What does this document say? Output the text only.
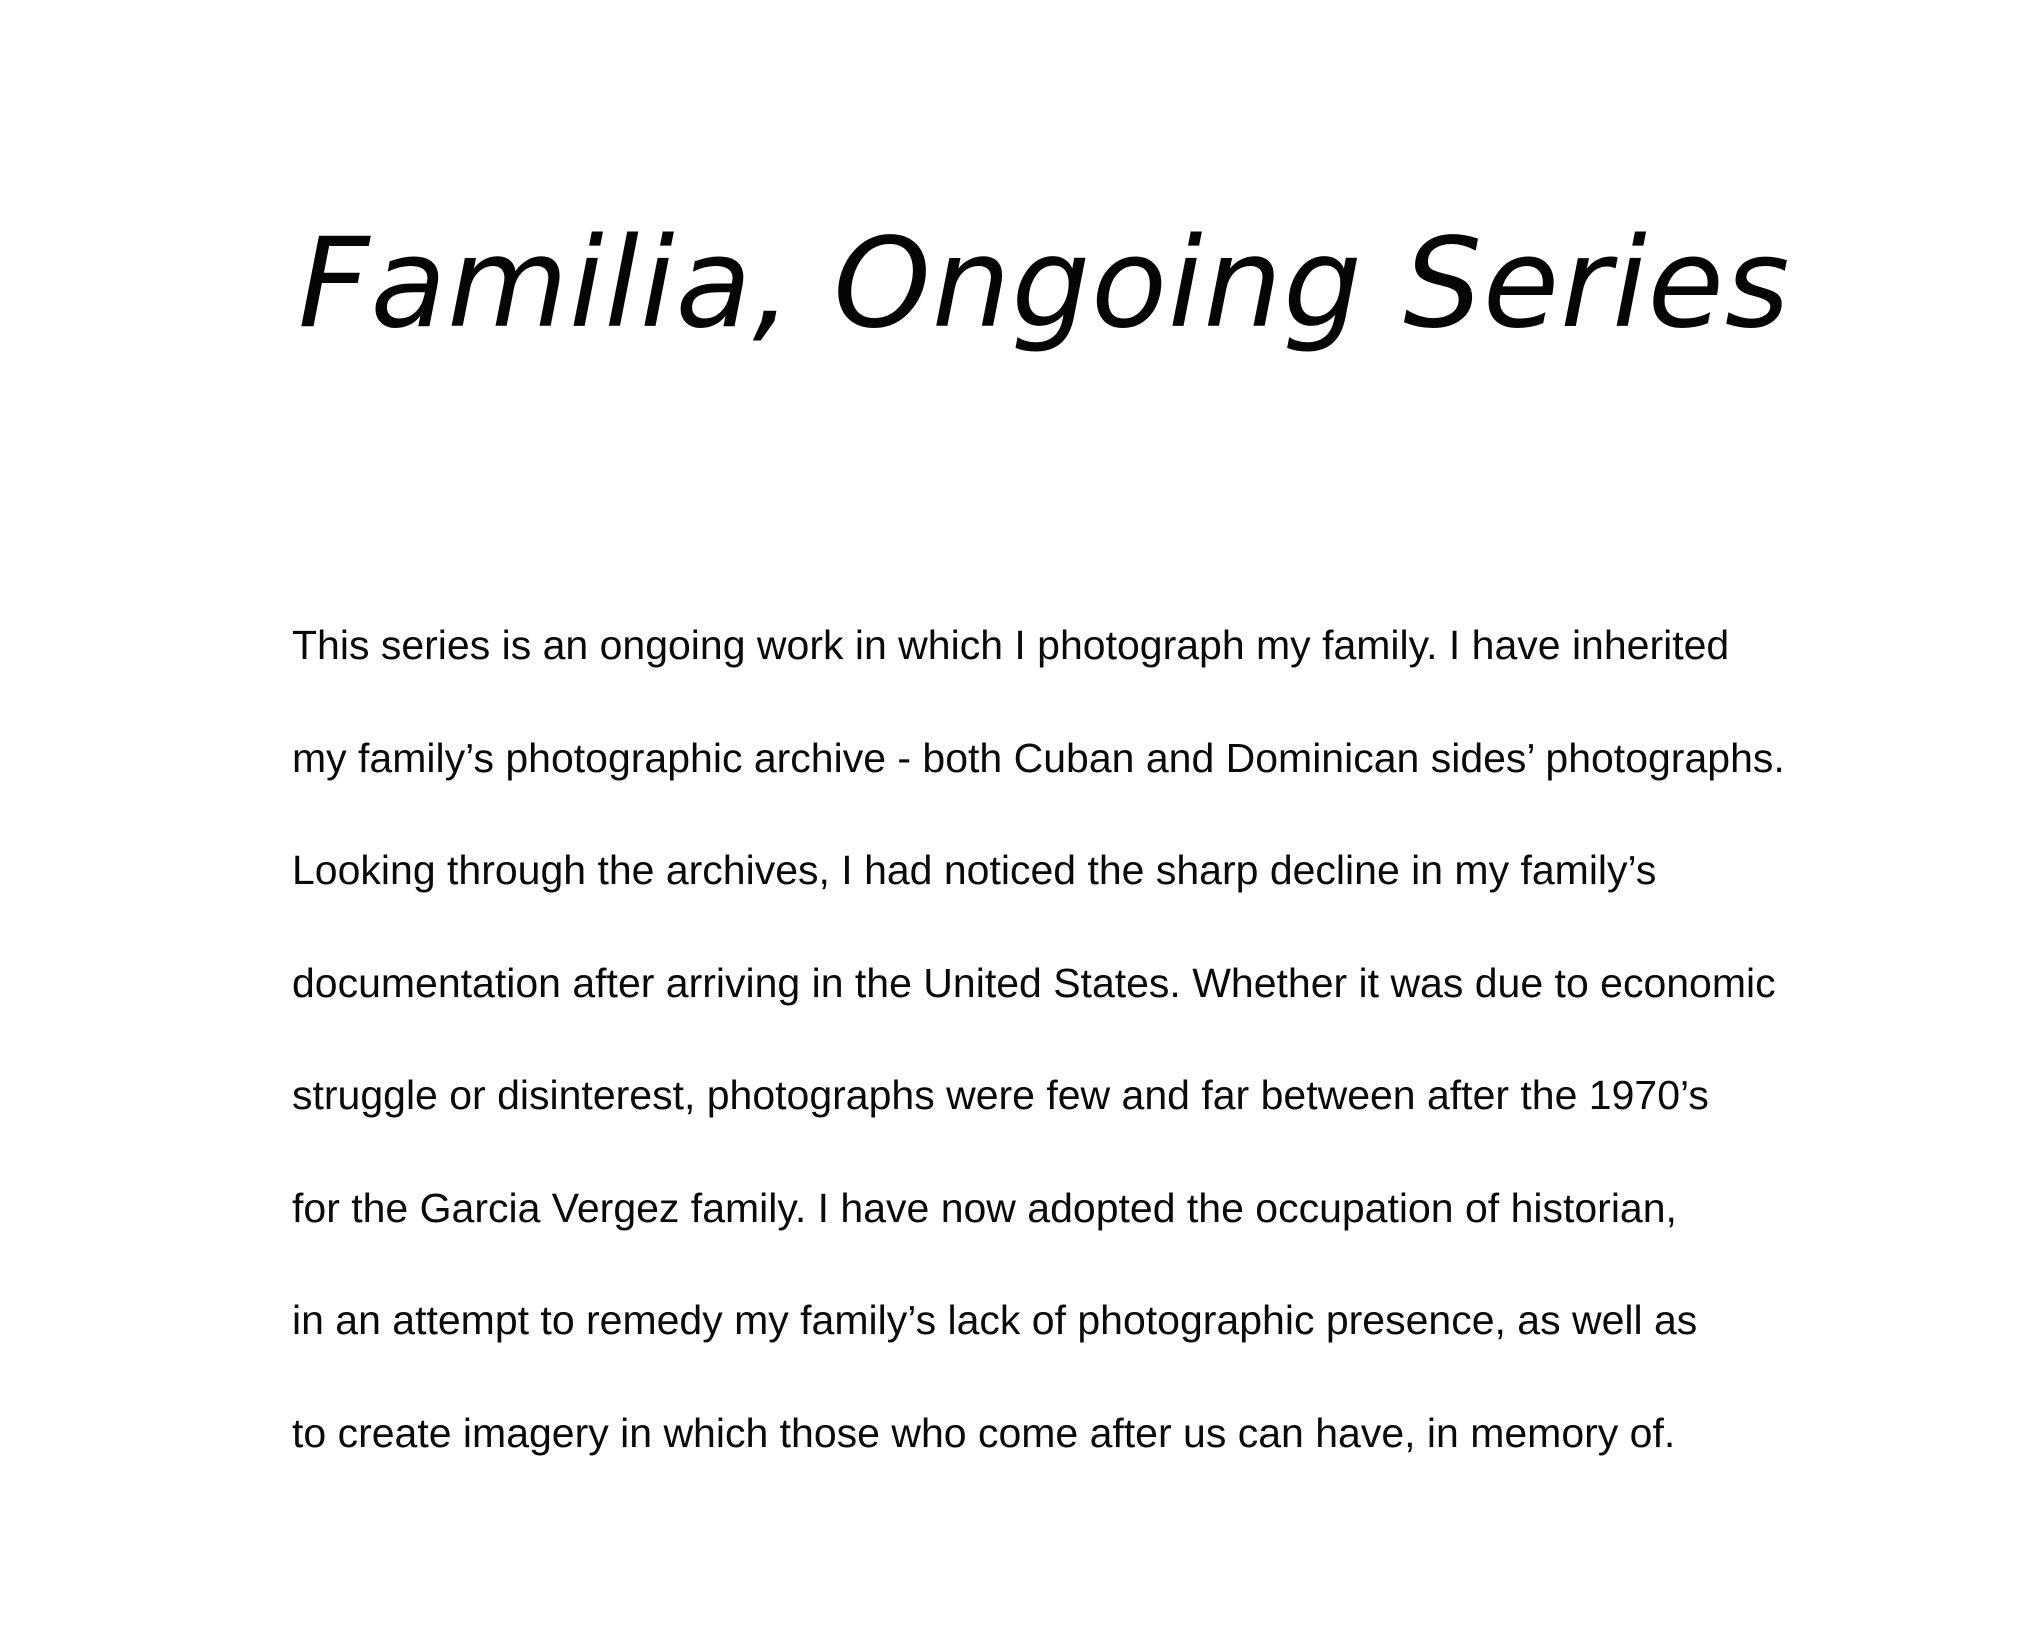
Familia, Ongoing Series

This series is an ongoing work in which I photograph my family. I have inherited

my family’s photographic archive - both Cuban and Dominican sides’ photographs.

Looking through the archives, I had noticed the sharp decline in my family’s

documentation after arriving in the United States. Whether it was due to economic

struggle or disinterest, photographs were few and far between after the 1970’s

for the Garcia Vergez family. I have now adopted the occupation of historian,

in an attempt to remedy my family’s lack of photographic presence, as well as

to create imagery in which those who come after us can have, in memory of.
